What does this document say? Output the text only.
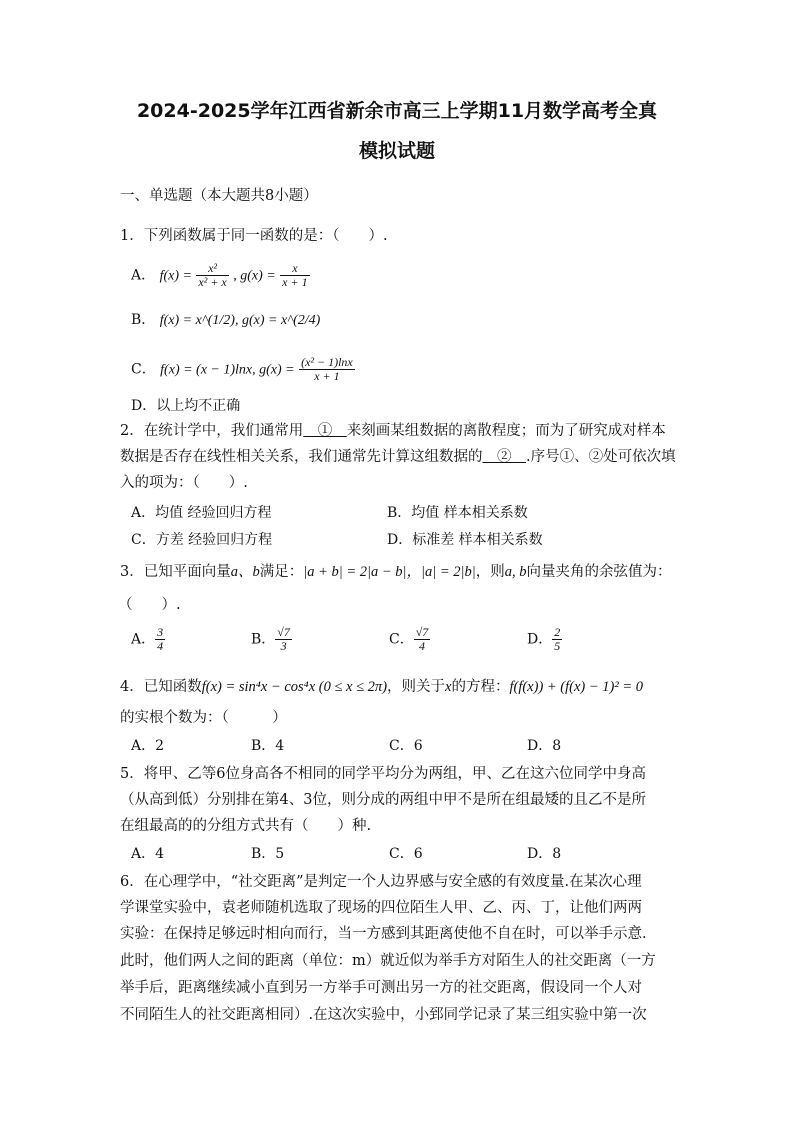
2024-2025学年江西省新余市高三上学期11月数学高考全真
模拟试题
一、单选题（本大题共8小题）
1．下列函数属于同一函数的是：（　　）.
A． $f(x) = \frac{\text{x²}}{\text{x² + x}}$ , $g(x) = \frac{x}{x + 1}$
B． f(x) = x^(1/2), g(x) = x^(2/4)
C． f(x) = (x − 1)lnx, $g(x) = \frac{\text{(x² − 1)lnx}}{x + 1}$
D．以上均不正确
2．在统计学中，我们通常用　①　来刻画某组数据的离散程度；而为了研究成对样本
数据是否存在线性相关关系，我们通常先计算这组数据的　②　.序号①、②处可依次填
入的项为：（　　）.
A．均值 经验回归方程	B．均值 样本相关系数
C．方差 经验回归方程	D．标准差 样本相关系数
3．已知平面向量a、b满足：|a + b| = 2|a − b|，|a| = 2|b|，则a, b向量夹角的余弦值为：
（　　）.
A． $\frac{3}{4}$	B． $\frac{√7}{3}$	C． $\frac{√7}{4}$	D． $\frac{2}{5}$
4．已知函数f(x) = sin⁴x − cos⁴x (0 ≤ x ≤ 2π)，则关于x的方程：f(f(x)) + (f(x) − 1)² = 0
的实根个数为：（　　　）
A．2	B．4	C．6	D．8
5．将甲、乙等6位身高各不相同的同学平均分为两组，甲、乙在这六位同学中身高
（从高到低）分别排在第4、3位，则分成的两组中甲不是所在组最矮的且乙不是所
在组最高的的分组方式共有（　　）种.
A．4	B．5	C．6	D．8
6．在心理学中，“社交距离”是判定一个人边界感与安全感的有效度量.在某次心理
学课堂实验中，袁老师随机选取了现场的四位陌生人甲、乙、丙、丁，让他们两两
实验：在保持足够远时相向而行，当一方感到其距离使他不自在时，可以举手示意.
此时，他们两人之间的距离（单位：m）就近似为举手方对陌生人的社交距离（一方
举手后，距离继续减小直到另一方举手可测出另一方的社交距离，假设同一个人对
不同陌生人的社交距离相同）.在这次实验中，小郅同学记录了某三组实验中第一次
